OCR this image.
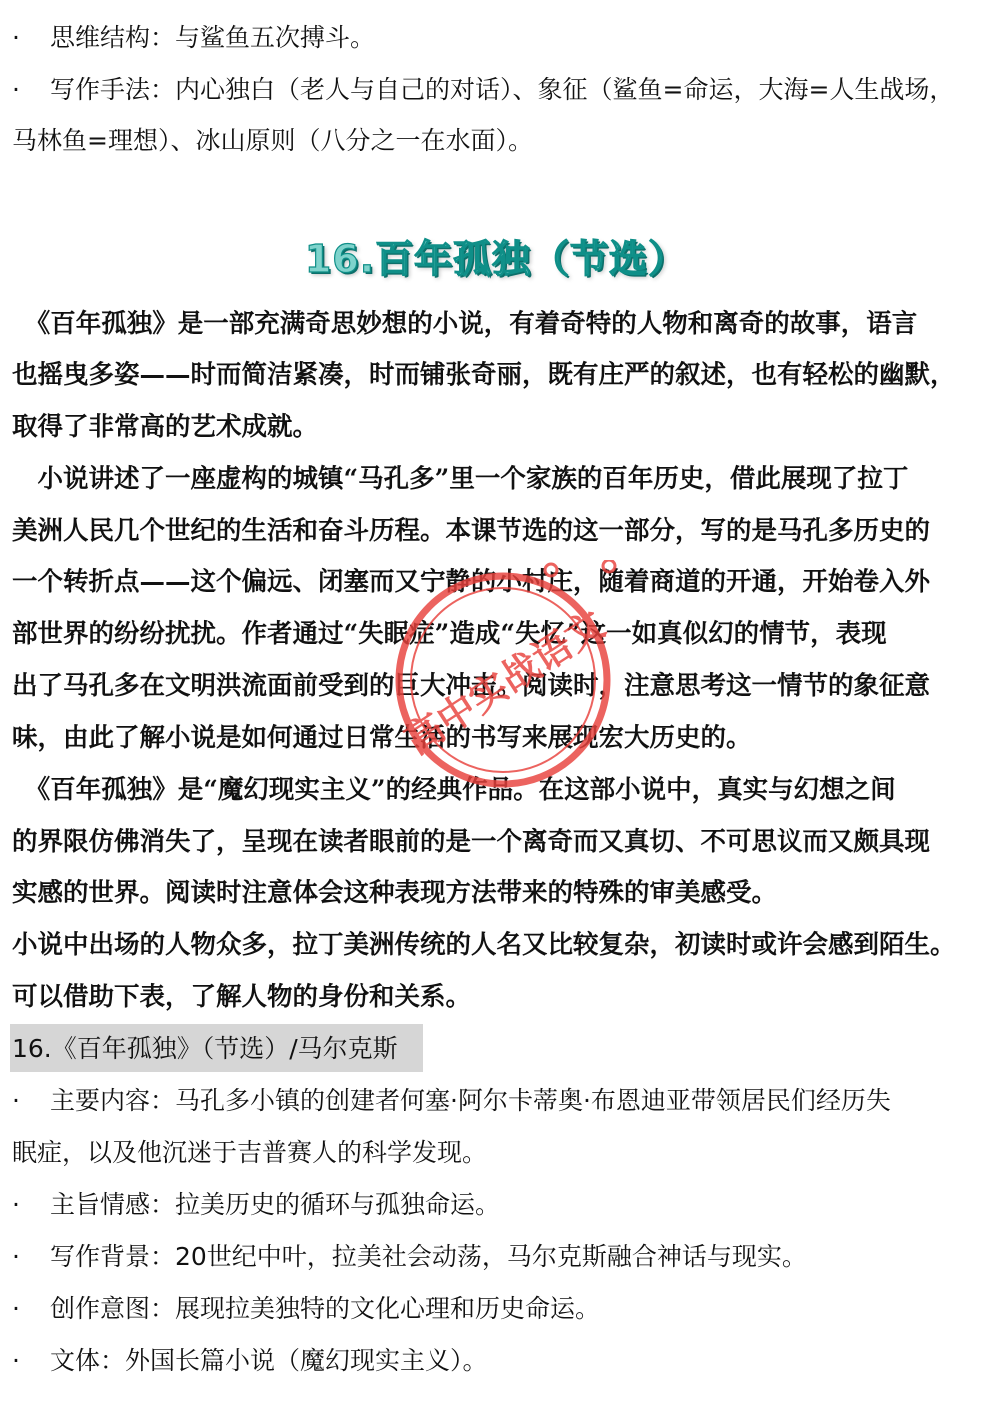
· 思维结构：与鲨鱼五次搏斗。
· 写作手法：内心独白（老人与自己的对话）、象征（鲨鱼=命运，大海=人生战场，
马林鱼=理想）、冰山原则（八分之一在水面）。
16.百年孤独（节选）
　《百年孤独》是一部充满奇思妙想的小说，有着奇特的人物和离奇的故事，语言
也摇曳多姿——时而简洁紧凑，时而铺张奇丽，既有庄严的叙述，也有轻松的幽默，
取得了非常高的艺术成就。
　小说讲述了一座虚构的城镇“马孔多”里一个家族的百年历史，借此展现了拉丁
美洲人民几个世纪的生活和奋斗历程。本课节选的这一部分，写的是马孔多历史的
一个转折点——这个偏远、闭塞而又宁静的小村庄，随着商道的开通，开始卷入外
部世界的纷纷扰扰。作者通过“失眠症”造成“失忆”这一如真似幻的情节，表现
出了马孔多在文明洪流面前受到的巨大冲击。阅读时，注意思考这一情节的象征意
味，由此了解小说是如何通过日常生活的书写来展现宏大历史的。
　《百年孤独》是“魔幻现实主义”的经典作品。在这部小说中，真实与幻想之间
的界限仿佛消失了，呈现在读者眼前的是一个离奇而又真切、不可思议而又颇具现
实感的世界。阅读时注意体会这种表现方法带来的特殊的审美感受。
小说中出场的人物众多，拉丁美洲传统的人名又比较复杂，初读时或许会感到陌生。
可以借助下表，了解人物的身份和关系。
16.《百年孤独》（节选）/马尔克斯
· 主要内容：马孔多小镇的创建者何塞·阿尔卡蒂奥·布恩迪亚带领居民们经历失
眠症，以及他沉迷于吉普赛人的科学发现。
· 主旨情感：拉美历史的循环与孤独命运。
· 写作背景：20世纪中叶，拉美社会动荡，马尔克斯融合神话与现实。
· 创作意图：展现拉美独特的文化心理和历史命运。
· 文体：外国长篇小说（魔幻现实主义）。
高中实战语文
